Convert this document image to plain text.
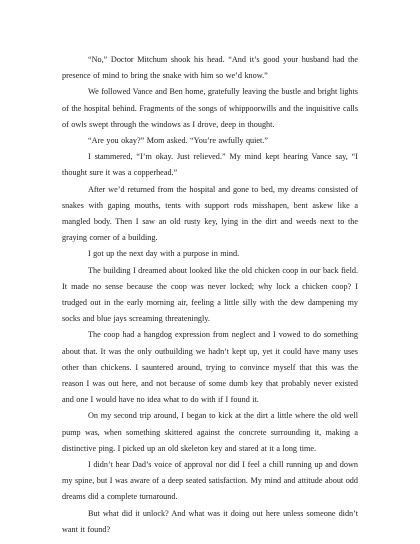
“No,” Doctor Mitchum shook his head. “And it’s good your husband had the presence of mind to bring the snake with him so we’d know.”

We followed Vance and Ben home, gratefully leaving the bustle and bright lights of the hospital behind. Fragments of the songs of whippoorwills and the inquisitive calls of owls swept through the windows as I drove, deep in thought.

“Are you okay?” Mom asked. “You’re awfully quiet.”

I stammered, “I’m okay. Just relieved.” My mind kept hearing Vance say, “I thought sure it was a copperhead.”

After we’d returned from the hospital and gone to bed, my dreams consisted of snakes with gaping mouths, tents with support rods misshapen, bent askew like a mangled body. Then I saw an old rusty key, lying in the dirt and weeds next to the graying corner of a building.

I got up the next day with a purpose in mind.

The building I dreamed about looked like the old chicken coop in our back field. It made no sense because the coop was never locked; why lock a chicken coop? I trudged out in the early morning air, feeling a little silly with the dew dampening my socks and blue jays screaming threateningly.

The coop had a hangdog expression from neglect and I vowed to do something about that. It was the only outbuilding we hadn’t kept up, yet it could have many uses other than chickens. I sauntered around, trying to convince myself that this was the reason I was out here, and not because of some dumb key that probably never existed and one I would have no idea what to do with if I found it.

On my second trip around, I began to kick at the dirt a little where the old well pump was, when something skittered against the concrete surrounding it, making a distinctive ping. I picked up an old skeleton key and stared at it a long time.

I didn’t hear Dad’s voice of approval nor did I feel a chill running up and down my spine, but I was aware of a deep seated satisfaction. My mind and attitude about odd dreams did a complete turnaround.

But what did it unlock? And what was it doing out here unless someone didn’t want it found?
